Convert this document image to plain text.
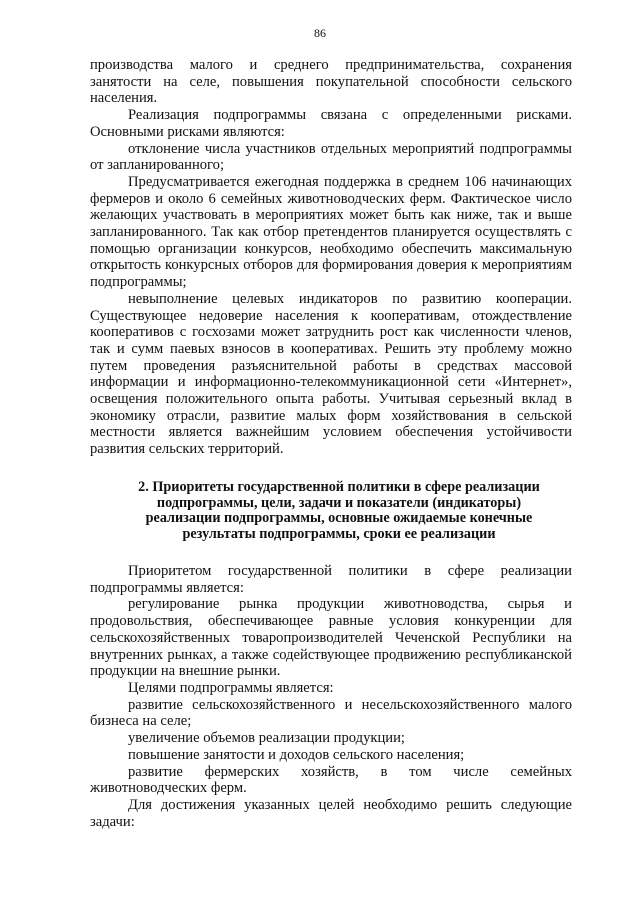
86

производства малого и среднего предпринимательства, сохранения занятости на селе, повышения покупательной способности сельского населения.

Реализация подпрограммы связана с определенными рисками. Основными рисками являются:

отклонение числа участников отдельных мероприятий подпрограммы от запланированного;

Предусматривается ежегодная поддержка в среднем 106 начинающих фермеров и около 6 семейных животноводческих ферм. Фактическое число желающих участвовать в мероприятиях может быть как ниже, так и выше запланированного. Так как отбор претендентов планируется осуществлять с помощью организации конкурсов, необходимо обеспечить максимальную открытость конкурсных отборов для формирования доверия к мероприятиям подпрограммы;

невыполнение целевых индикаторов по развитию кооперации. Существующее недоверие населения к кооперативам, отождествление кооперативов с госхозами может затруднить рост как численности членов, так и сумм паевых взносов в кооперативах. Решить эту проблему можно путем проведения разъяснительной работы в средствах массовой информации и информационно-телекоммуникационной сети «Интернет», освещения положительного опыта работы. Учитывая серьезный вклад в экономику отрасли, развитие малых форм хозяйствования в сельской местности является важнейшим условием обеспечения устойчивости развития сельских территорий.

2. Приоритеты государственной политики в сфере реализации подпрограммы, цели, задачи и показатели (индикаторы) реализации подпрограммы, основные ожидаемые конечные результаты подпрограммы, сроки ее реализации

Приоритетом государственной политики в сфере реализации подпрограммы является:

регулирование рынка продукции животноводства, сырья и продовольствия, обеспечивающее равные условия конкуренции для сельскохозяйственных товаропроизводителей Чеченской Республики на внутренних рынках, а также содействующее продвижению республиканской продукции на внешние рынки.

Целями подпрограммы является:

развитие сельскохозяйственного и несельскохозяйственного малого бизнеса на селе;

увеличение объемов реализации продукции;

повышение занятости и доходов сельского населения;

развитие фермерских хозяйств, в том числе семейных животноводческих ферм.

Для достижения указанных целей необходимо решить следующие задачи:
